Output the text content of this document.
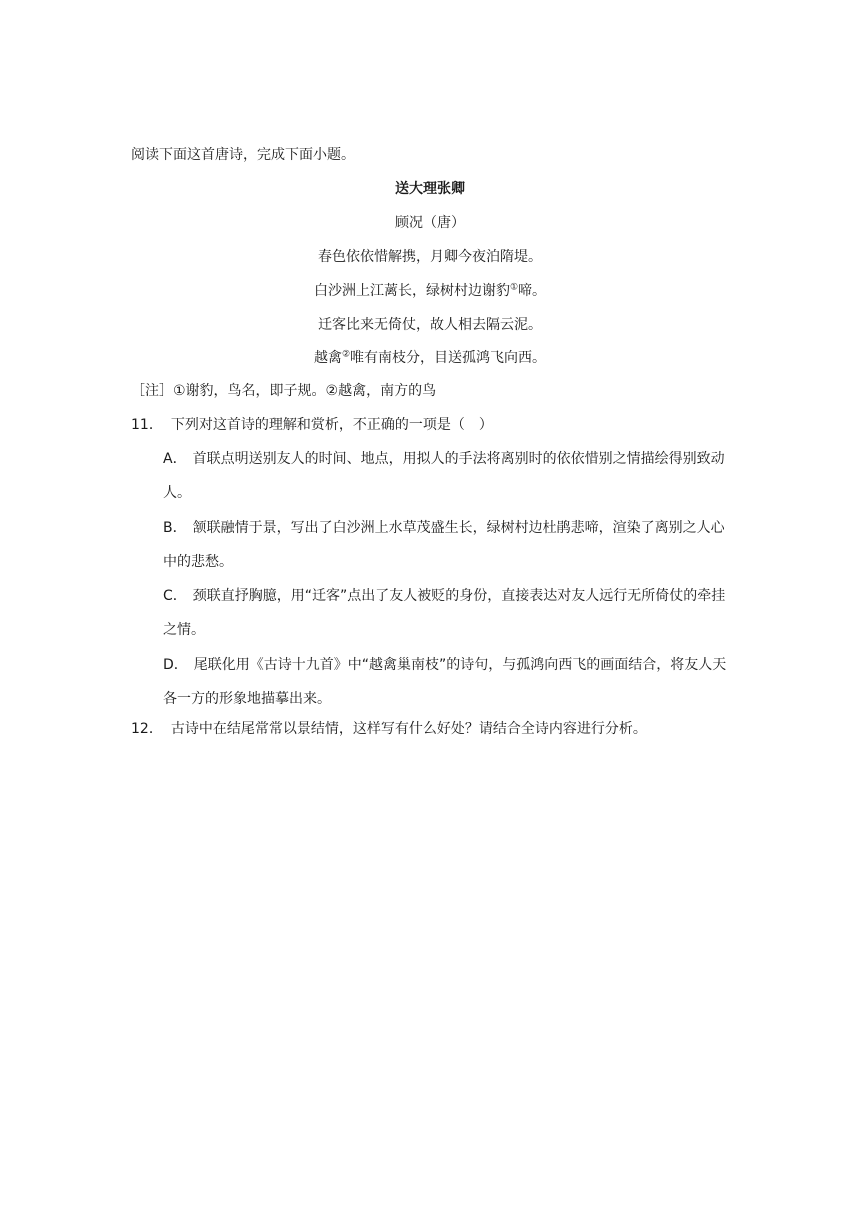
阅读下面这首唐诗，完成下面小题。
送大理张卿
顾况（唐）
春色依依惜解携，月卿今夜泊隋堤。
白沙洲上江蓠长，绿树村边谢豹①啼。
迁客比来无倚仗，故人相去隔云泥。
越禽②唯有南枝分，目送孤鸿飞向西。
［注］①谢豹，鸟名，即子规。②越禽，南方的鸟
11． 下列对这首诗的理解和赏析，不正确的一项是（　）
A． 首联点明送别友人的时间、地点，用拟人的手法将离别时的依依惜别之情描绘得别致动人。
B． 颔联融情于景，写出了白沙洲上水草茂盛生长，绿树村边杜鹃悲啼，渲染了离别之人心中的悲愁。
C． 颈联直抒胸臆，用“迁客”点出了友人被贬的身份，直接表达对友人远行无所倚仗的牵挂之情。
D． 尾联化用《古诗十九首》中“越禽巢南枝”的诗句，与孤鸿向西飞的画面结合，将友人天各一方的形象地描摹出来。
12． 古诗中在结尾常常以景结情，这样写有什么好处？请结合全诗内容进行分析。
